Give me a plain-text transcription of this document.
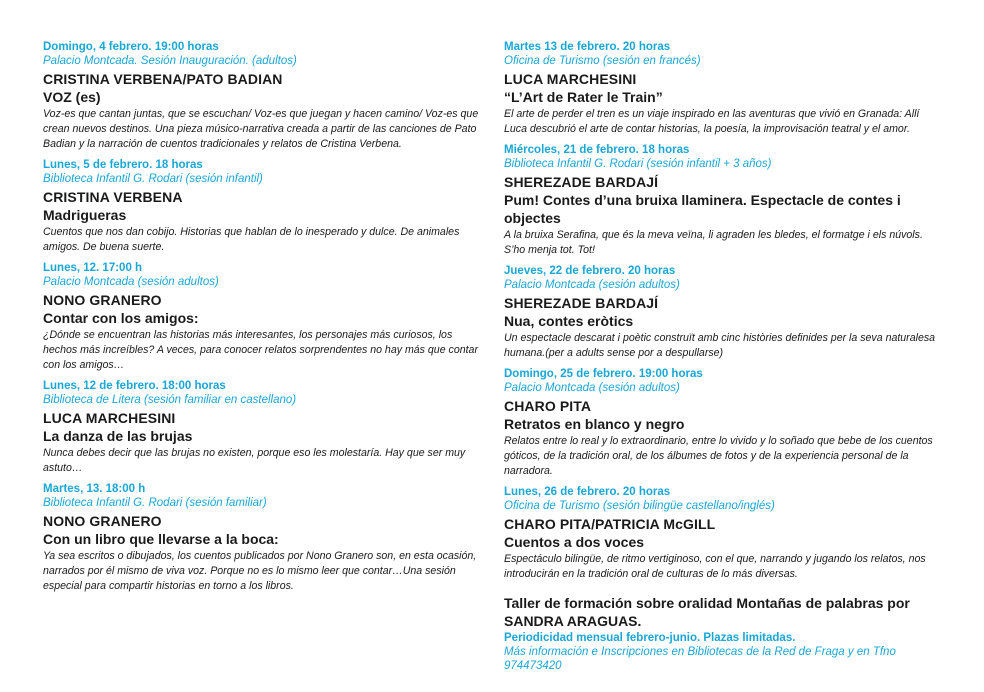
Domingo, 4 febrero. 19:00 horas
Palacio Montcada. Sesión Inauguración. (adultos)
CRISTINA VERBENA/PATO BADIAN
VOZ (es)
Voz-es que cantan juntas, que se escuchan/ Voz-es que juegan y hacen camino/ Voz-es que crean nuevos destinos. Una pieza músico-narrativa creada a partir de las canciones de Pato Badian y la narración de cuentos tradicionales y relatos de Cristina Verbena.
Lunes, 5 de febrero. 18 horas
Biblioteca Infantil G. Rodari (sesión infantil)
CRISTINA VERBENA
Madrigueras
Cuentos que nos dan cobijo. Historias que hablan de lo inesperado y dulce. De animales amigos. De buena suerte.
Lunes, 12. 17:00 h
Palacio Montcada (sesión adultos)
NONO GRANERO
Contar con los amigos:
¿Dónde se encuentran las historias más interesantes, los personajes más curiosos, los hechos más increíbles? A veces, para conocer relatos sorprendentes no hay más que contar con los amigos…
Lunes, 12 de febrero. 18:00 horas
Biblioteca de Litera (sesión familiar en castellano)
LUCA MARCHESINI
La danza de las brujas
Nunca debes decir que las brujas no existen, porque eso les molestaría. Hay que ser muy astuto…
Martes, 13. 18:00 h
Biblioteca Infantil G. Rodari (sesión familiar)
NONO GRANERO
Con un libro que llevarse a la boca:
Ya sea escritos o dibujados, los cuentos publicados por Nono Granero son, en esta ocasión, narrados por él mismo de viva voz. Porque no es lo mismo leer que contar…Una sesión especial para compartir historias en torno a los libros.
Martes 13 de febrero. 20 horas
Oficina de Turismo (sesión en francés)
LUCA MARCHESINI
“L’Art de Rater le Train”
El arte de perder el tren es un viaje inspirado en las aventuras que vivió en Granada: Allí Luca descubrió el arte de contar historias, la poesía, la improvisación teatral y el amor.
Miércoles, 21 de febrero. 18 horas
Biblioteca Infantil G. Rodari (sesión infantil + 3 años)
SHEREZADE BARDAJÍ
Pum! Contes d’una bruixa llaminera. Espectacle de contes i objectes
A la bruixa Serafina, que és la meva veïna, li agraden les bledes, el formatge i els núvols. S’ho menja tot. Tot!
Jueves, 22 de febrero. 20 horas
Palacio Montcada (sesión adultos)
SHEREZADE BARDAJÍ
Nua, contes eròtics
Un espectacle descarat i poètic construït amb cinc històries definides per la seva naturalesa humana.(per a adults sense por a despullarse)
Domingo, 25 de febrero. 19:00 horas
Palacio Montcada (sesión adultos)
CHARO PITA
Retratos en blanco y negro
Relatos entre lo real y lo extraordinario, entre lo vivido y lo soñado que bebe de los cuentos góticos, de la tradición oral, de los álbumes de fotos y de la experiencia personal de la narradora.
Lunes, 26 de febrero. 20 horas
Oficina de Turismo (sesión bilingüe castellano/inglés)
CHARO PITA/PATRICIA McGILL
Cuentos a dos voces
Espectáculo bilingüe, de ritmo vertiginoso, con el que, narrando y jugando los relatos, nos introducirán en la tradición oral de culturas de lo más diversas.
Taller de formación sobre oralidad Montañas de palabras por SANDRA ARAGUAS.
Periodicidad mensual febrero-junio. Plazas limitadas.
Más información e Inscripciones en Bibliotecas de la Red de Fraga y en Tfno 974473420
